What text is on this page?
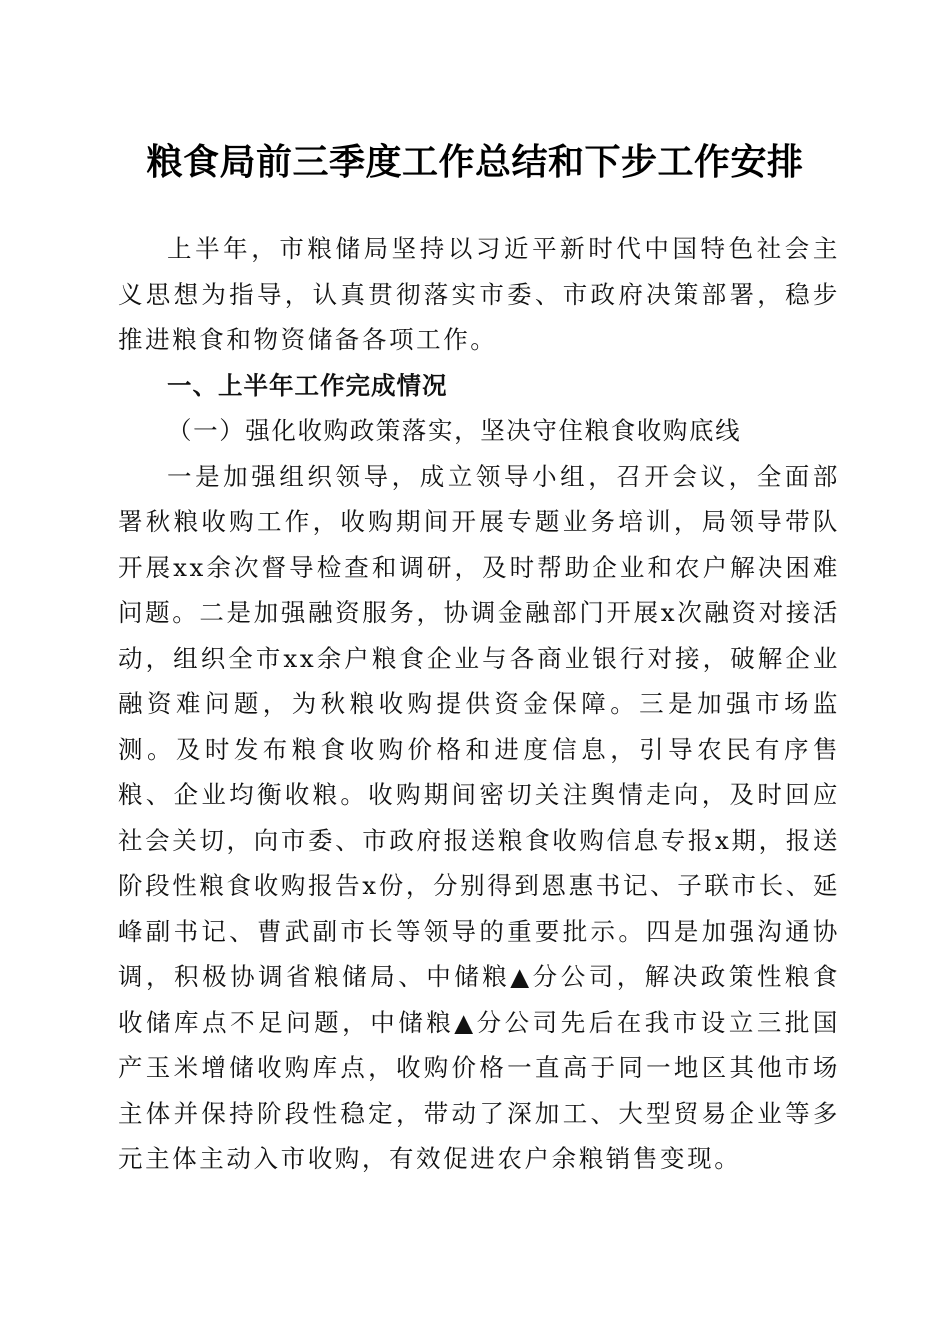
粮食局前三季度工作总结和下步工作安排

上半年，市粮储局坚持以习近平新时代中国特色社会主义思想为指导，认真贯彻落实市委、市政府决策部署，稳步推进粮食和物资储备各项工作。

一、上半年工作完成情况

（一）强化收购政策落实，坚决守住粮食收购底线

一是加强组织领导，成立领导小组，召开会议，全面部署秋粮收购工作，收购期间开展专题业务培训，局领导带队开展xx余次督导检查和调研，及时帮助企业和农户解决困难问题。二是加强融资服务，协调金融部门开展x次融资对接活动，组织全市xx余户粮食企业与各商业银行对接，破解企业融资难问题，为秋粮收购提供资金保障。三是加强市场监测。及时发布粮食收购价格和进度信息，引导农民有序售粮、企业均衡收粮。收购期间密切关注舆情走向，及时回应社会关切，向市委、市政府报送粮食收购信息专报x期，报送阶段性粮食收购报告x份，分别得到恩惠书记、子联市长、延峰副书记、曹武副市长等领导的重要批示。四是加强沟通协调，积极协调省粮储局、中储粮▲分公司，解决政策性粮食收储库点不足问题，中储粮▲分公司先后在我市设立三批国产玉米增储收购库点，收购价格一直高于同一地区其他市场主体并保持阶段性稳定，带动了深加工、大型贸易企业等多元主体主动入市收购，有效促进农户余粮销售变现。
